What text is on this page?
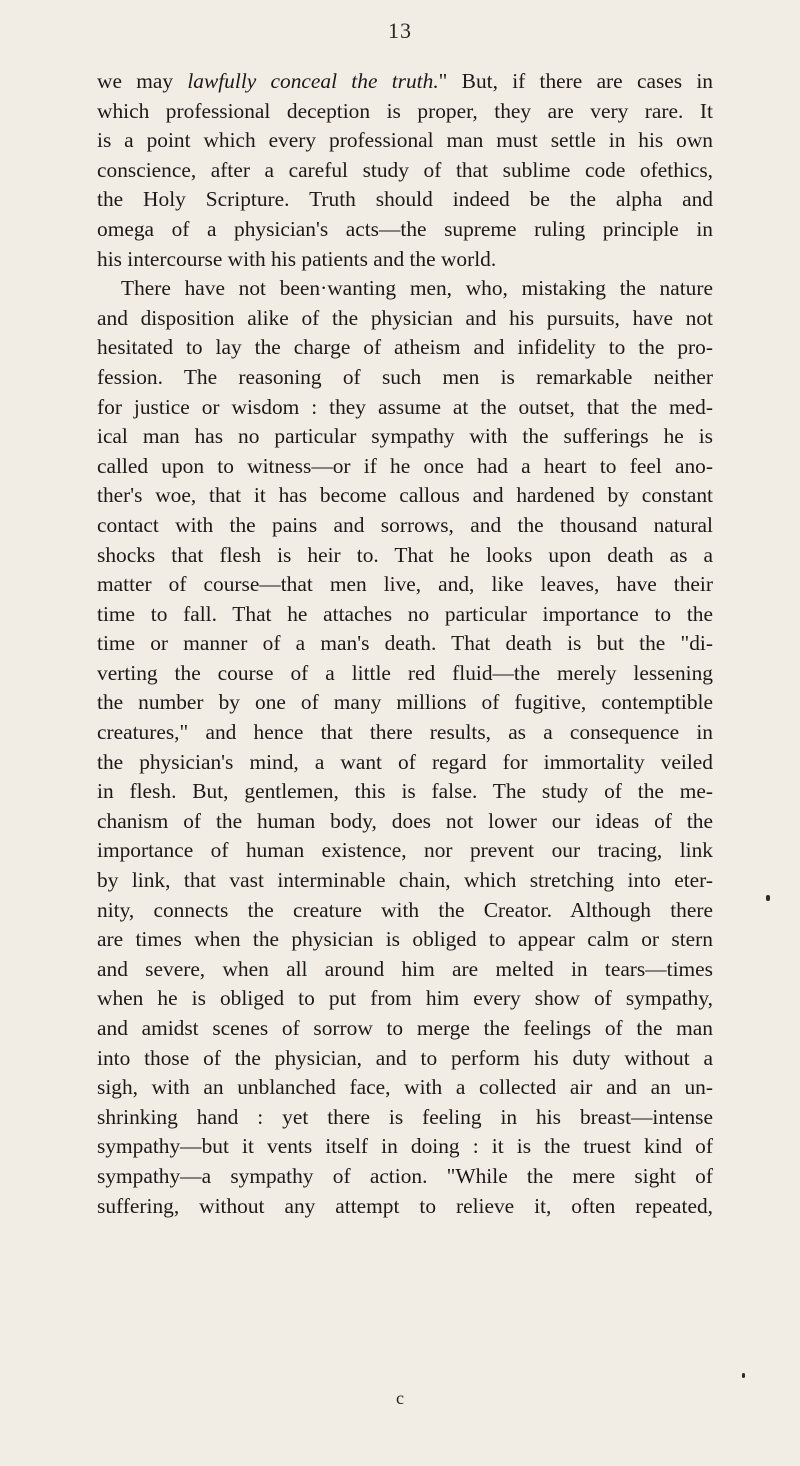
13
we may lawfully conceal the truth." But, if there are cases in
which professional deception is proper, they are very rare. It
is a point which every professional man must settle in his own
conscience, after a careful study of that sublime code ofethics,
the Holy Scripture. Truth should indeed be the alpha and
omega of a physician's acts—the supreme ruling principle in
his intercourse with his patients and the world.
There have not been·wanting men, who, mistaking the nature
and disposition alike of the physician and his pursuits, have not
hesitated to lay the charge of atheism and infidelity to the pro-
fession. The reasoning of such men is remarkable neither
for justice or wisdom : they assume at the outset, that the med-
ical man has no particular sympathy with the sufferings he is
called upon to witness—or if he once had a heart to feel ano-
ther's woe, that it has become callous and hardened by constant
contact with the pains and sorrows, and the thousand natural
shocks that flesh is heir to. That he looks upon death as a
matter of course—that men live, and, like leaves, have their
time to fall. That he attaches no particular importance to the
time or manner of a man's death. That death is but the "di-
verting the course of a little red fluid—the merely lessening
the number by one of many millions of fugitive, contemptible
creatures," and hence that there results, as a consequence in
the physician's mind, a want of regard for immortality veiled
in flesh. But, gentlemen, this is false. The study of the me-
chanism of the human body, does not lower our ideas of the
importance of human existence, nor prevent our tracing, link
by link, that vast interminable chain, which stretching into eter-
nity, connects the creature with the Creator. Although there
are times when the physician is obliged to appear calm or stern
and severe, when all around him are melted in tears—times
when he is obliged to put from him every show of sympathy,
and amidst scenes of sorrow to merge the feelings of the man
into those of the physician, and to perform his duty without a
sigh, with an unblanched face, with a collected air and an un-
shrinking hand : yet there is feeling in his breast—intense
sympathy—but it vents itself in doing : it is the truest kind of
sympathy—a sympathy of action. "While the mere sight of
suffering, without any attempt to relieve it, often repeated,
c
